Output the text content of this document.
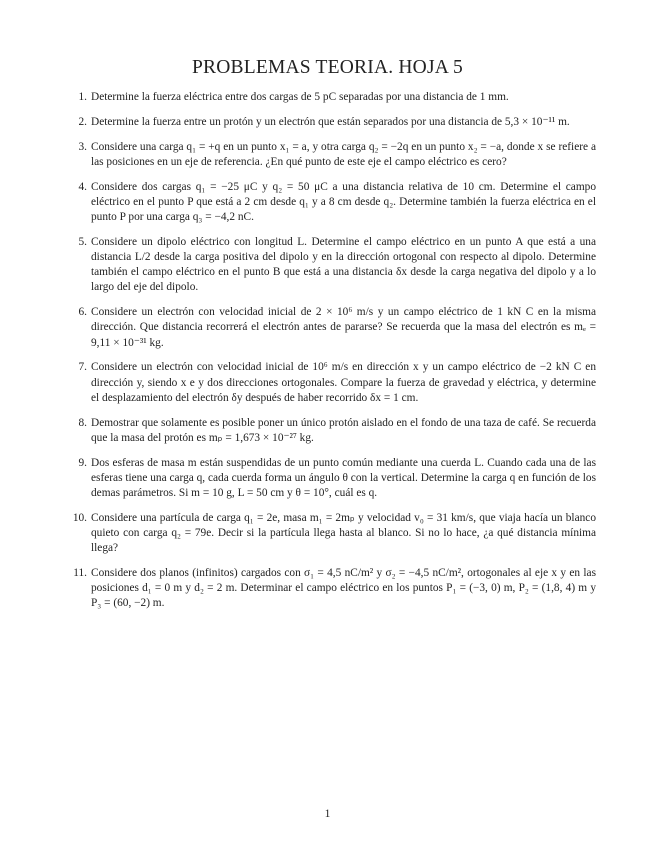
PROBLEMAS TEORIA. HOJA 5
1. Determine la fuerza eléctrica entre dos cargas de 5 pC separadas por una distancia de 1 mm.
2. Determine la fuerza entre un protón y un electrón que están separados por una distancia de 5,3 × 10⁻¹¹ m.
3. Considere una carga q₁ = +q en un punto x₁ = a, y otra carga q₂ = −2q en un punto x₂ = −a, donde x se refiere a las posiciones en un eje de referencia. ¿En qué punto de este eje el campo eléctrico es cero?
4. Considere dos cargas q₁ = −25 μC y q₂ = 50 μC a una distancia relativa de 10 cm. Determine el campo eléctrico en el punto P que está a 2 cm desde q₁ y a 8 cm desde q₂. Determine también la fuerza eléctrica en el punto P por una carga q₃ = −4,2 nC.
5. Considere un dipolo eléctrico con longitud L. Determine el campo eléctrico en un punto A que está a una distancia L/2 desde la carga positiva del dipolo y en la dirección ortogonal con respecto al dipolo. Determine también el campo eléctrico en el punto B que está a una distancia δx desde la carga negativa del dipolo y a lo largo del eje del dipolo.
6. Considere un electrón con velocidad inicial de 2 × 10⁶ m/s y un campo eléctrico de 1 kN C en la misma dirección. Que distancia recorrerá el electrón antes de pararse? Se recuerda que la masa del electrón es mₑ = 9,11 × 10⁻³¹ kg.
7. Considere un electrón con velocidad inicial de 10⁶ m/s en dirección x y un campo eléctrico de −2 kN C en dirección y, siendo x e y dos direcciones ortogonales. Compare la fuerza de gravedad y eléctrica, y determine el desplazamiento del electrón δy después de haber recorrido δx = 1 cm.
8. Demostrar que solamente es posible poner un único protón aislado en el fondo de una taza de café. Se recuerda que la masa del protón es mₚ = 1,673 × 10⁻²⁷ kg.
9. Dos esferas de masa m están suspendidas de un punto común mediante una cuerda L. Cuando cada una de las esferas tiene una carga q, cada cuerda forma un ángulo θ con la vertical. Determine la carga q en función de los demas parámetros. Si m = 10 g, L = 50 cm y θ = 10°, cuál es q.
10. Considere una partícula de carga q₁ = 2e, masa m₁ = 2mₚ y velocidad v₀ = 31 km/s, que viaja hacía un blanco quieto con carga q₂ = 79e. Decir si la partícula llega hasta al blanco. Si no lo hace, ¿a qué distancia mínima llega?
11. Considere dos planos (infinitos) cargados con σ₁ = 4,5 nC/m² y σ₂ = −4,5 nC/m², ortogonales al eje x y en las posiciones d₁ = 0 m y d₂ = 2 m. Determinar el campo eléctrico en los puntos P₁ = (−3, 0) m, P₂ = (1,8, 4) m y P₃ = (60, −2) m.
1
